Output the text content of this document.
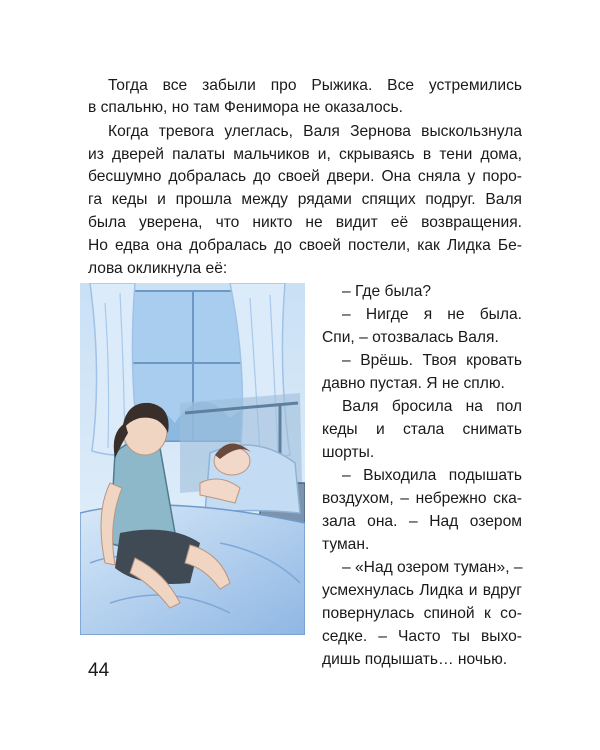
Тогда все забыли про Рыжика. Все устремились
в спальню, но там Фенимора не оказалось.
Когда тревога улеглась, Валя Зернова выскользнула
из дверей палаты мальчиков и, скрываясь в тени дома,
бесшумно добралась до своей двери. Она сняла у поро-
га кеды и прошла между рядами спящих подруг. Валя
была уверена, что никто не видит её возвращения.
Но едва она добралась до своей постели, как Лидка Бе-
лова окликнула её:
– Где была?
– Нигде я не была.
Спи, – отозвалась Валя.
– Врёшь. Твоя кровать
давно пустая. Я не сплю.
Валя бросила на пол
кеды и стала снимать
шорты.
– Выходила подышать
воздухом, – небрежно ска-
зала она. – Над озером
туман.
– «Над озером туман», –
усмехнулась Лидка и вдруг
повернулась спиной к со-
седке. – Часто ты выхо-
дишь подышать… ночью.
44
